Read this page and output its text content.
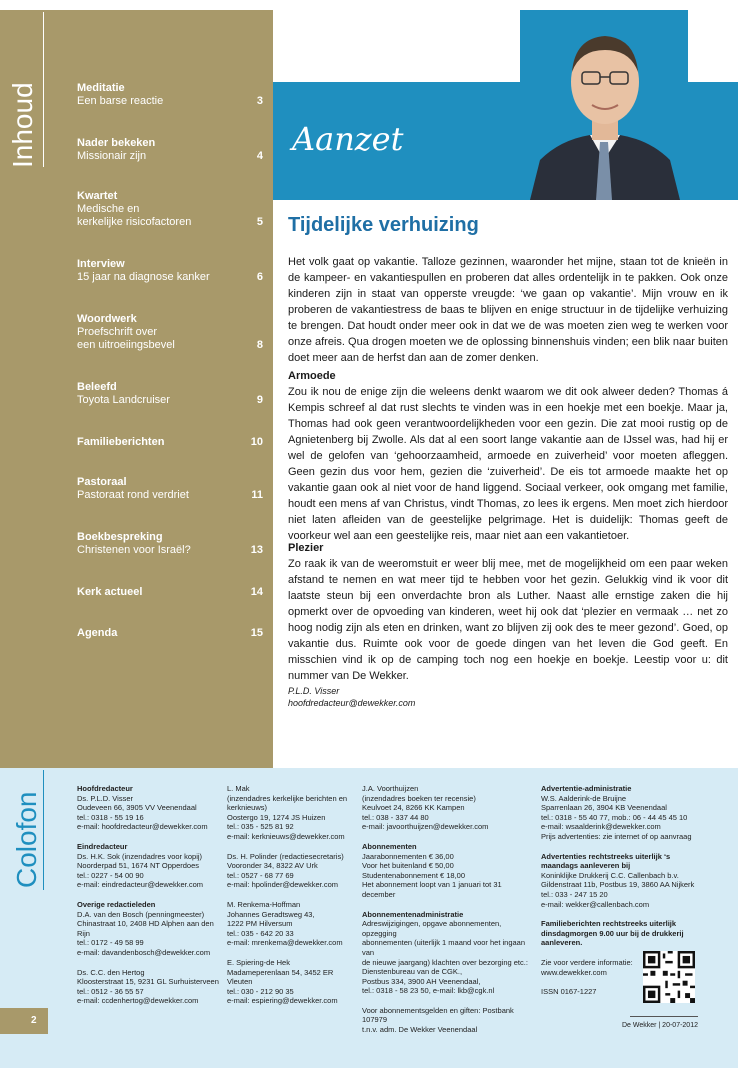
Inhoud	Meditatie
Een barse reactie	3
Nader bekeken
Missionair zijn	4
Kwartet
Medische en
kerkelijke risicofactoren	5
Interview
15 jaar na diagnose kanker	6
Woordwerk
Proefschrift over
een uitroeiingsbevel	8
Beleefd
Toyota Landcruiser	9
Familieberichten	10
Pastoraal
Pastoraat rond verdriet	11
Boekbespreking
Christenen voor Israël?	13
Kerk actueel	14
Agenda	15
Aanzet
Tijdelijke verhuizing

Het volk gaat op vakantie. Talloze gezinnen, waaronder het mijne, staan tot de knieën in de kampeer- en vakantiespullen en proberen dat alles ordentelijk in te pakken. Ook onze kinderen zijn in staat van opperste vreugde: ‘we gaan op vakantie’. Mijn vrouw en ik proberen de vakantiestress de baas te blijven en enige structuur in de tijdelijke verhuizing te brengen. Dat houdt onder meer ook in dat we de was moeten zien weg te werken voor onze afreis. Qua drogen moeten we de oplossing binnenshuis vinden; een blik naar buiten doet meer aan de herfst dan aan de zomer denken.

Armoede

Zou ik nou de enige zijn die weleens denkt waarom we dit ook alweer deden? Thomas á Kempis schreef al dat rust slechts te vinden was in een hoekje met een boekje. Maar ja, Thomas had ook geen verantwoordelijkheden voor een gezin. Die zat mooi rustig op de Agnietenberg bij Zwolle. Als dat al een soort lange vakantie aan de IJssel was, had hij er wel de gelofen van ‘gehoorzaamheid, armoede en zuiverheid’ voor moeten afleggen. Geen gezin dus voor hem, gezien die ‘zuiverheid’. De eis tot armoede maakte het op vakantie gaan ook al niet voor de hand liggend. Sociaal verkeer, ook omgang met familie, houdt een mens af van Christus, vindt Thomas, zo lees ik ergens. Men moet zich hierdoor niet laten afleiden van de geestelijke pelgrimage. Het is duidelijk: Thomas geeft de voorkeur wel aan een geestelijke reis, maar niet aan een vakantietoer.

Plezier

Zo raak ik van de weeromstuit er weer blij mee, met de mogelijkheid om een paar weken afstand te nemen en wat meer tijd te hebben voor het gezin. Gelukkig vind ik voor dit laatste steun bij een onverdachte bron als Luther. Naast alle ernstige zaken die hij opmerkt over de opvoeding van kinderen, weet hij ook dat ‘plezier en vermaak … net zo hoog nodig zijn als eten en drinken, want zo blijven zij ook des te meer gezond’. Goed, op vakantie dus. Ruimte ook voor de goede dingen van het leven die God geeft. En misschien vind ik op de camping toch nog een hoekje en boekje. Leestip voor u: dit nummer van De Wekker.

P.L.D. Visser
hoofdredacteur@dewekker.com
Colofon
Hoofdredacteur
Ds. P.L.D. Visser
Oudeveen 66, 3905 VV Veenendaal
tel.: 0318 - 55 19 16
e-mail: hoofdredacteur@dewekker.com
Eindredacteur
Ds. H.K. Sok (inzendadres voor kopij)
Noorderpad 51, 1674 NT Opperdoes
tel.: 0227 - 54 00 90
e-mail: eindredacteur@dewekker.com
Overige redactieleden
D.A. van den Bosch (penningmeester)
Chinastraat 10, 2408 HD Alphen aan den Rijn
tel.: 0172 - 49 58 99
e-mail: davandenbosch@dewekker.com
Ds. C.C. den Hertog
Kloosterstraat 15, 9231 GL Surhuisterveen
tel.: 0512 - 36 55 57
e-mail: ccdenhertog@dewekker.com
L. Mak
(inzendadres kerkelijke berichten en
kerknieuws)
Oostergo 19, 1274 JS Huizen
tel.: 035 - 525 81 92
e-mail: kerknieuws@dewekker.com
Ds. H. Polinder (redactiesecretaris)
Vooronder 34, 8322 AV Urk
tel.: 0527 - 68 77 69
e-mail: hpolinder@dewekker.com
M. Renkema-Hoffman
Johannes Geradtsweg 43,
1222 PM Hilversum
tel.: 035 - 642 20 33
e-mail: mrenkema@dewekker.com
E. Spiering-de Hek
Madameperenlaan 54, 3452 ER Vleuten
tel.: 030 - 212 90 35
e-mail: espiering@dewekker.com
J.A. Voorthuijzen
(inzendadres boeken ter recensie)
Keulvoet 24, 8266 KK Kampen
tel.: 038 - 337 44 80
e-mail: javoorthuijzen@dewekker.com
Abonnementen
Jaarabonnementen € 36,00
Voor het buitenland € 50,00
Studentenabonnement € 18,00
Het abonnement loopt van 1 januari tot 31 december
Abonnementenadministratie
Adreswijzigingen, opgave abonnementen, opzegging
abonnementen (uiterlijk 1 maand voor het ingaan van
de nieuwe jaargang) klachten over bezorging etc.:
Dienstenbureau van de CGK.,
Postbus 334, 3900 AH Veenendaal,
tel.: 0318 - 58 23 50, e-mail: lkb@cgk.nl
Voor abonnementsgelden en giften: Postbank 107979
t.n.v. adm. De Wekker Veenendaal
Advertentie-administratie
W.S. Aalderink-de Bruijne
Sparrenlaan 26, 3904 KB Veenendaal
tel.: 0318 - 55 40 77, mob.: 06 - 44 45 45 10
e-mail: wsaalderink@dewekker.com
Prijs advertenties: zie internet of op aanvraag
Advertenties rechtstreeks uiterlijk ‘s maandags aanleveren bij
Koninklijke Drukkerij C.C. Callenbach b.v.
Gildenstraat 11b, Postbus 19, 3860 AA Nijkerk
tel.: 033 - 247 15 20
e-mail: wekker@callenbach.com
Familieberichten rechtstreeks uiterlijk dinsdagmorgen 9.00 uur bij de drukkerij aanleveren.
Zie voor verdere informatie:
www.dewekker.com
ISSN 0167-1227
2	De Wekker | 20-07-2012
